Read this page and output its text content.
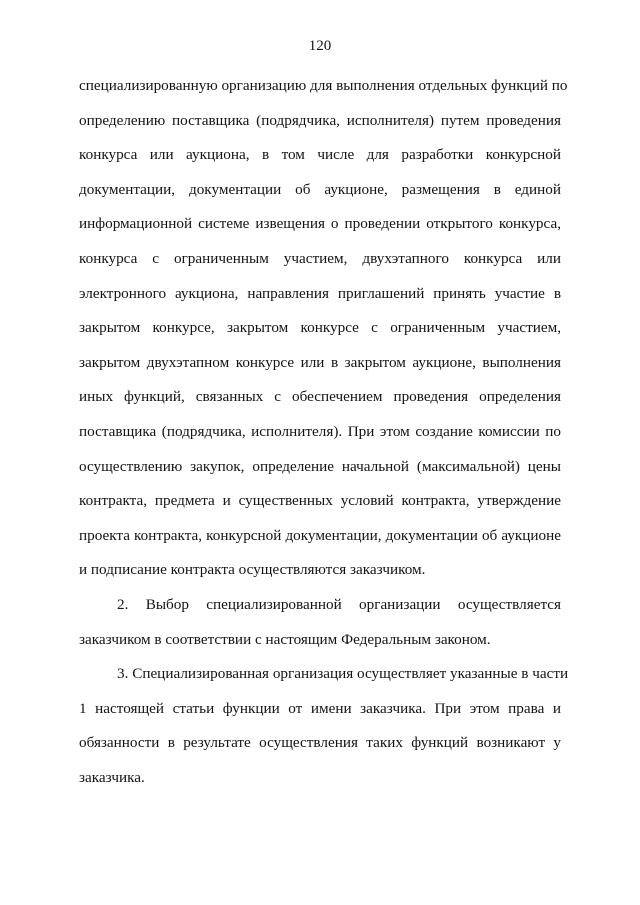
120
специализированную организацию для выполнения отдельных функций по
определению поставщика (подрядчика, исполнителя) путем проведения
конкурса или аукциона, в том числе для разработки конкурсной
документации, документации об аукционе, размещения в единой
информационной системе извещения о проведении открытого конкурса,
конкурса с ограниченным участием, двухэтапного конкурса или
электронного аукциона, направления приглашений принять участие в
закрытом конкурсе, закрытом конкурсе с ограниченным участием,
закрытом двухэтапном конкурсе или в закрытом аукционе, выполнения
иных функций, связанных с обеспечением проведения определения
поставщика (подрядчика, исполнителя). При этом создание комиссии по
осуществлению закупок, определение начальной (максимальной) цены
контракта, предмета и существенных условий контракта, утверждение
проекта контракта, конкурсной документации, документации об аукционе
и подписание контракта осуществляются заказчиком.
2. Выбор специализированной организации осуществляется
заказчиком в соответствии с настоящим Федеральным законом.
3. Специализированная организация осуществляет указанные в части
1 настоящей статьи функции от имени заказчика. При этом права и
обязанности в результате осуществления таких функций возникают у
заказчика.
